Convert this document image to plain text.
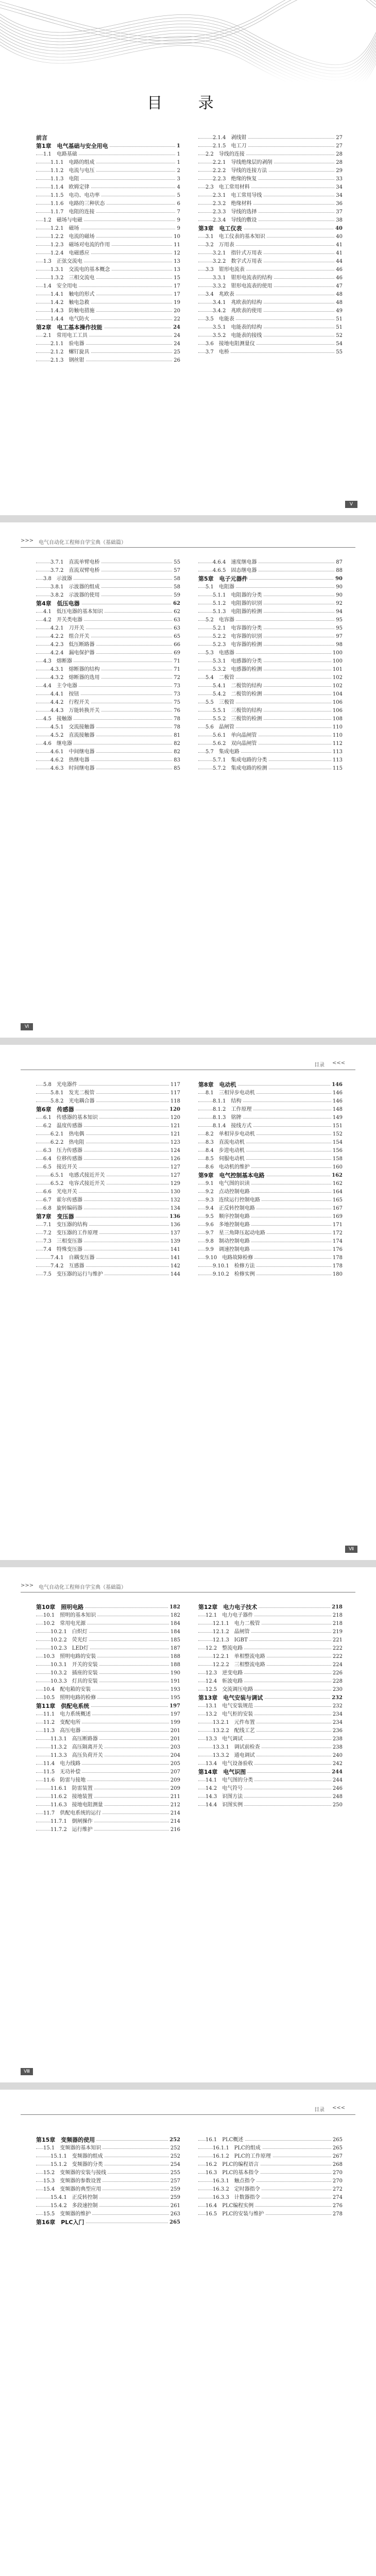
目 录
前言
第1章　电气基础与安全用电	1
1.1　电路基础	1
1.1.1　电路的组成	1
1.1.2　电流与电压	2
1.1.3　电阻	3
1.1.4　欧姆定律	4
1.1.5　电功、电功率	5
1.1.6　电路的三种状态	6
1.1.7　电阻的连接	7
1.2　磁场与电磁	9
1.2.1　磁场	9
1.2.2　电流的磁场	10
1.2.3　磁场对电流的作用	11
1.2.4　电磁感应	12
1.3　正弦交流电	13
1.3.1　交流电的基本概念	13
1.3.2　三相交流电	15
1.4　安全用电	17
1.4.1　触电的形式	17
1.4.2　触电急救	19
1.4.3　防触电措施	20
1.4.4　电气防火	22
第2章　电工基本操作技能	24
2.1　常用电工工具	24
2.1.1　验电器	24
2.1.2　螺钉旋具	25
2.1.3　钢丝钳	26
2.1.4　剥线钳	27
2.1.5　电工刀	27
2.2　导线的连接	28
2.2.1　导线绝缘层的剥削	28
2.2.2　导线的连接方法	29
2.2.3　绝缘的恢复	33
2.3　电工常用材料	34
2.3.1　电工常用导线	34
2.3.2　绝缘材料	36
2.3.3　导线的选择	37
2.3.4　导线的敷设	38
第3章　电工仪表	40
3.1　电工仪表的基本知识	40
3.2　万用表	41
3.2.1　指针式万用表	41
3.2.2　数字式万用表	44
3.3　钳形电流表	46
3.3.1　钳形电流表的结构	46
3.3.2　钳形电流表的使用	47
3.4　兆欧表	48
3.4.1　兆欧表的结构	48
3.4.2　兆欧表的使用	49
3.5　电能表	51
3.5.1　电能表的结构	51
3.5.2　电能表的接线	52
3.6　接地电阻测量仪	54
3.7　电桥	55
Ⅴ
>>> 电气自动化工程师自学宝典（基础篇）
3.7.1　直流单臂电桥	55
3.7.2　直流双臂电桥	57
3.8　示波器	58
3.8.1　示波器的组成	58
3.8.2　示波器的使用	59
第4章　低压电器	62
4.1　低压电器的基本知识	62
4.2　开关类电器	63
4.2.1　刀开关	63
4.2.2　组合开关	65
4.2.3　低压断路器	66
4.2.4　漏电保护器	69
4.3　熔断器	71
4.3.1　熔断器的结构	71
4.3.2　熔断器的选用	72
4.4　主令电器	73
4.4.1　按钮	73
4.4.2　行程开关	75
4.4.3　万能转换开关	76
4.5　接触器	78
4.5.1　交流接触器	78
4.5.2　直流接触器	81
4.6　继电器	82
4.6.1　中间继电器	82
4.6.2　热继电器	83
4.6.3　时间继电器	85
4.6.4　速度继电器	87
4.6.5　固态继电器	88
第5章　电子元器件	90
5.1　电阻器	90
5.1.1　电阻器的分类	90
5.1.2　电阻器的识别	92
5.1.3　电阻器的检测	94
5.2　电容器	95
5.2.1　电容器的分类	95
5.2.2　电容器的识别	97
5.2.3　电容器的检测	98
5.3　电感器	100
5.3.1　电感器的分类	100
5.3.2　电感器的检测	101
5.4　二极管	102
5.4.1　二极管的结构	102
5.4.2　二极管的检测	104
5.5　三极管	106
5.5.1　三极管的结构	106
5.5.2　三极管的检测	108
5.6　晶闸管	110
5.6.1　单向晶闸管	110
5.6.2　双向晶闸管	112
5.7　集成电路	113
5.7.1　集成电路的分类	113
5.7.2　集成电路的检测	115
Ⅵ
目录 <<<
5.8　光电器件	117
5.8.1　发光二极管	117
5.8.2　光电耦合器	118
第6章　传感器	120
6.1　传感器的基本知识	120
6.2　温度传感器	121
6.2.1　热电偶	121
6.2.2　热电阻	123
6.3　压力传感器	124
6.4　位移传感器	126
6.5　接近开关	127
6.5.1　电感式接近开关	127
6.5.2　电容式接近开关	129
6.6　光电开关	130
6.7　霍尔传感器	132
6.8　旋转编码器	134
第7章　变压器	136
7.1　变压器的结构	136
7.2　变压器的工作原理	137
7.3　三相变压器	139
7.4　特殊变压器	141
7.4.1　自耦变压器	141
7.4.2　互感器	142
7.5　变压器的运行与维护	144
第8章　电动机	146
8.1　三相异步电动机	146
8.1.1　结构	146
8.1.2　工作原理	148
8.1.3　铭牌	149
8.1.4　接线方式	151
8.2　单相异步电动机	152
8.3　直流电动机	154
8.4　步进电动机	156
8.5　伺服电动机	158
8.6　电动机的维护	160
第9章　电气控制基本电路	162
9.1　电气图的识读	162
9.2　点动控制电路	164
9.3　连续运行控制电路	165
9.4　正反转控制电路	167
9.5　顺序控制电路	169
9.6　多地控制电路	171
9.7　星三角降压起动电路	172
9.8　制动控制电路	174
9.9　调速控制电路	176
9.10　电路故障检修	178
9.10.1　检修方法	178
9.10.2　检修实例	180
Ⅶ
>>> 电气自动化工程师自学宝典（基础篇）
第10章　照明电路	182
10.1　照明的基本知识	182
10.2　常用电光源	184
10.2.1　白炽灯	184
10.2.2　荧光灯	185
10.2.3　LED灯	187
10.3　照明电路的安装	188
10.3.1　开关的安装	188
10.3.2　插座的安装	190
10.3.3　灯具的安装	191
10.4　配电箱的安装	193
10.5　照明电路的检修	195
第11章　供配电系统	197
11.1　电力系统概述	197
11.2　变配电所	199
11.3　高压电器	201
11.3.1　高压断路器	201
11.3.2　高压隔离开关	203
11.3.3　高压负荷开关	204
11.4　电力线路	205
11.5　无功补偿	207
11.6　防雷与接地	209
11.6.1　防雷装置	209
11.6.2　接地装置	211
11.6.3　接地电阻测量	212
11.7　供配电系统的运行	214
11.7.1　倒闸操作	214
11.7.2　运行维护	216
第12章　电力电子技术	218
12.1　电力电子器件	218
12.1.1　电力二极管	218
12.1.2　晶闸管	219
12.1.3　IGBT	221
12.2　整流电路	222
12.2.1　单相整流电路	222
12.2.2　三相整流电路	224
12.3　逆变电路	226
12.4　斩波电路	228
12.5　交流调压电路	230
第13章　电气安装与调试	232
13.1　电气安装规范	232
13.2　电气柜的安装	234
13.2.1　元件布置	234
13.2.2　配线工艺	236
13.3　电气调试	238
13.3.1　调试前检查	238
13.3.2　通电调试	240
13.4　电气设备验收	242
第14章　电气识图	244
14.1　电气图的分类	244
14.2　电气符号	246
14.3　识图方法	248
14.4　识图实例	250
Ⅷ
目录 <<<
第15章　变频器的使用	252
15.1　变频器的基本知识	252
15.1.1　变频器的组成	252
15.1.2　变频器的分类	254
15.2　变频器的安装与接线	255
15.3　变频器的参数设置	257
15.4　变频器的典型应用	259
15.4.1　正反转控制	259
15.4.2　多段速控制	261
15.5　变频器的维护	263
第16章　PLC入门	265
16.1　PLC概述	265
16.1.1　PLC的组成	265
16.1.2　PLC的工作原理	267
16.2　PLC的编程语言	268
16.3　PLC的基本指令	270
16.3.1　触点指令	270
16.3.2　定时器指令	272
16.3.3　计数器指令	274
16.4　PLC编程实例	276
16.5　PLC的安装与维护	278
